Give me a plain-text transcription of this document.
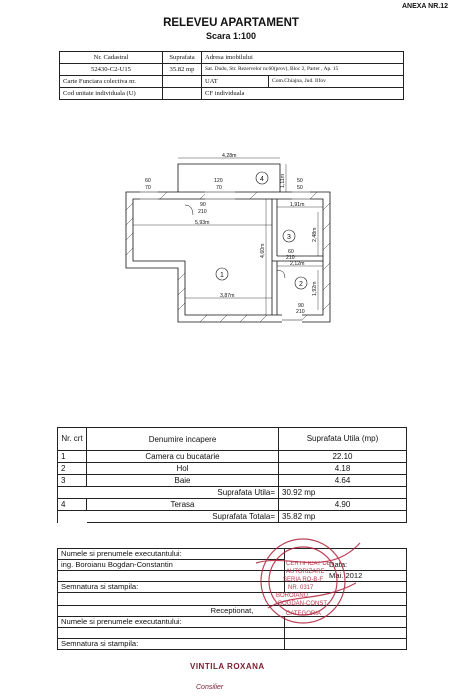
ANEXA NR.12
RELEVEU APARTAMENT
Scara 1:100
Nr. Cadastral	Suprafata	Adresa imobilului	
52430-C2-U15	35.82 mp	Sat. Dudu, Str. Rezervelor nr.60(prov), Bloc 2, Parter , Ap. 15	
Carte Funciara colectiva nr.		UAT	Com.Chiajna, Jud. Ilfov
Cod unitate individuala (U)		CF individuala	
4,28m
5,93m
3,87m
1,91m
2,12m
4,60m
2,48m
1,92m
1,11m
60
70
120
70
50
50
90
210
60
210
90
210
1
2
3
4
Nr. crt	Denumire incapere	Suprafata Utila (mp)
1	Camera cu bucatarie	22.10
2	Hol	4.18
3	Baie	4.64
	Suprafata Utila=	30.92 mp
4	Terasa	4.90
	Suprafata Totala=	35.82 mp
Numele si prenumele executantului:		
ing. Boroianu Bogdan-Constantin		Data:
		Mai. 2012
Semnatura si stampila:		

Receptionat,		
Numele si prenumele executantului:		

Semnatura si stampila:		
CERTIFICAT DE
AUTORIZARE
SERIA RO-B-F
NR. 0317
BOROIANU
BOGDAN-CONST.
CATEGORIA
VINTILA ROXANA
Consilier
